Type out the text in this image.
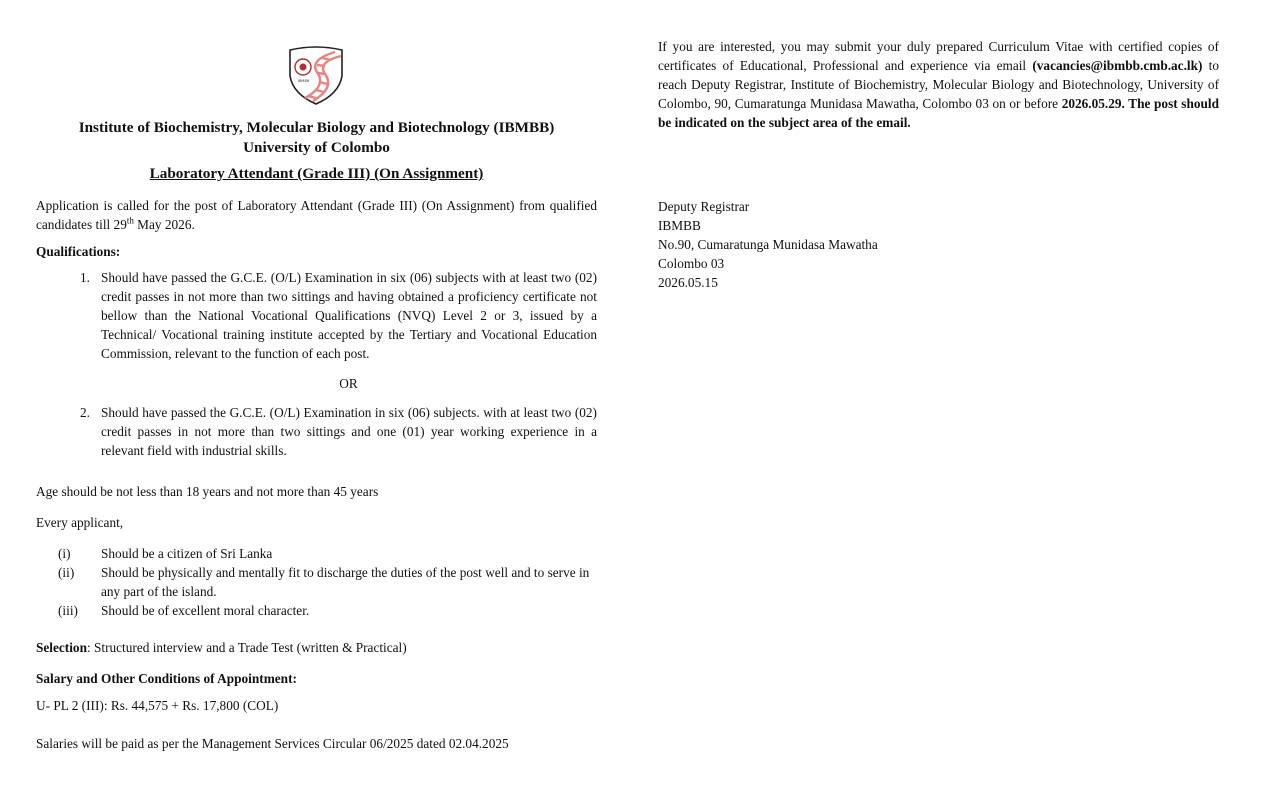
IBMBB
Institute of Biochemistry, Molecular Biology and Biotechnology (IBMBB)
University of Colombo
Laboratory Attendant (Grade III) (On Assignment)
Application is called for the post of Laboratory Attendant (Grade III) (On Assignment) from qualified candidates till 29th May 2026.
Qualifications:
1. Should have passed the G.C.E. (O/L) Examination in six (06) subjects with at least two (02) credit passes in not more than two sittings and having obtained a proficiency certificate not bellow than the National Vocational Qualifications (NVQ) Level 2 or 3, issued by a Technical/ Vocational training institute accepted by the Tertiary and Vocational Education Commission, relevant to the function of each post.
OR
2. Should have passed the G.C.E. (O/L) Examination in six (06) subjects. with at least two (02) credit passes in not more than two sittings and one (01) year working experience in a relevant field with industrial skills.
Age should be not less than 18 years and not more than 45 years
Every applicant,
(i) Should be a citizen of Sri Lanka
(ii) Should be physically and mentally fit to discharge the duties of the post well and to serve in any part of the island.
(iii) Should be of excellent moral character.
Selection: Structured interview and a Trade Test (written & Practical)
Salary and Other Conditions of Appointment:
U- PL 2 (III): Rs. 44,575 + Rs. 17,800 (COL)
Salaries will be paid as per the Management Services Circular 06/2025 dated 02.04.2025
If you are interested, you may submit your duly prepared Curriculum Vitae with certified copies of certificates of Educational, Professional and experience via email (vacancies@ibmbb.cmb.ac.lk) to reach Deputy Registrar, Institute of Biochemistry, Molecular Biology and Biotechnology, University of Colombo, 90, Cumaratunga Munidasa Mawatha, Colombo 03 on or before 2026.05.29. The post should be indicated on the subject area of the email.
Deputy Registrar
IBMBB
No.90, Cumaratunga Munidasa Mawatha
Colombo 03
2026.05.15
